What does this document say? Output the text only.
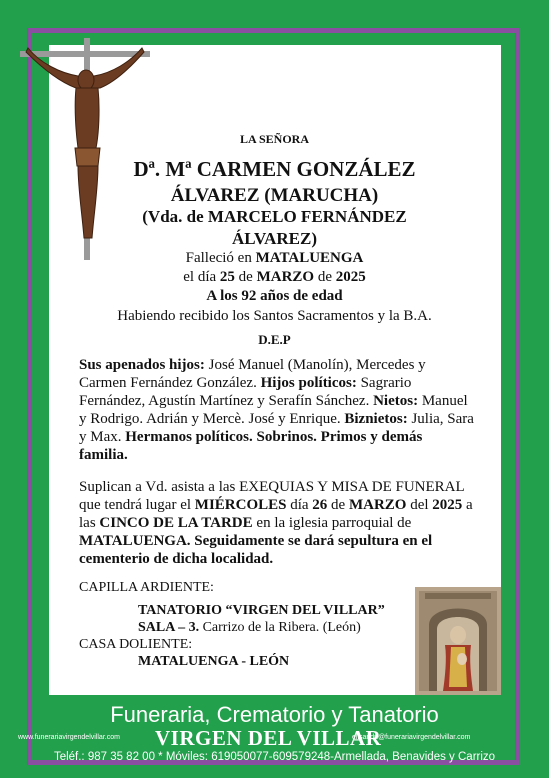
LA SEÑORA
Dª. Mª CARMEN GONZÁLEZ
ÁLVAREZ (MARUCHA)
(Vda. de MARCELO FERNÁNDEZ
ÁLVAREZ)
Falleció en MATALUENGA
el día 25 de MARZO de 2025
A los 92 años de edad
Habiendo recibido los Santos Sacramentos y la B.A.
D.E.P
Sus apenados hijos: José Manuel (Manolín), Mercedes y Carmen Fernández González. Hijos políticos: Sagrario Fernández, Agustín Martínez y Serafín Sánchez. Nietos: Manuel y Rodrigo. Adrián y Mercè. José y Enrique. Biznietos: Julia, Sara y Max. Hermanos políticos. Sobrinos. Primos y demás familia.
Suplican a Vd. asista a las EXEQUIAS Y MISA DE FUNERAL que tendrá lugar el MIÉRCOLES día 26 de MARZO del 2025 a las CINCO DE LA TARDE en la iglesia parroquial de MATALUENGA. Seguidamente se dará sepultura en el cementerio de dicha localidad.
CAPILLA ARDIENTE:
TANATORIO “VIRGEN DEL VILLAR”
SALA – 3. Carrizo de la Ribera. (León)
CASA DOLIENTE:
MATALUENGA - LEÓN
Funeraria, Crematorio y Tanatorio
www.funerariavirgendelvillar.com VIRGEN DEL VILLAR
elisandu@funerariavirgendelvillar.com
Teléf.: 987 35 82 00 * Móviles: 619050077-609579248-Armellada, Benavides y Carrizo
